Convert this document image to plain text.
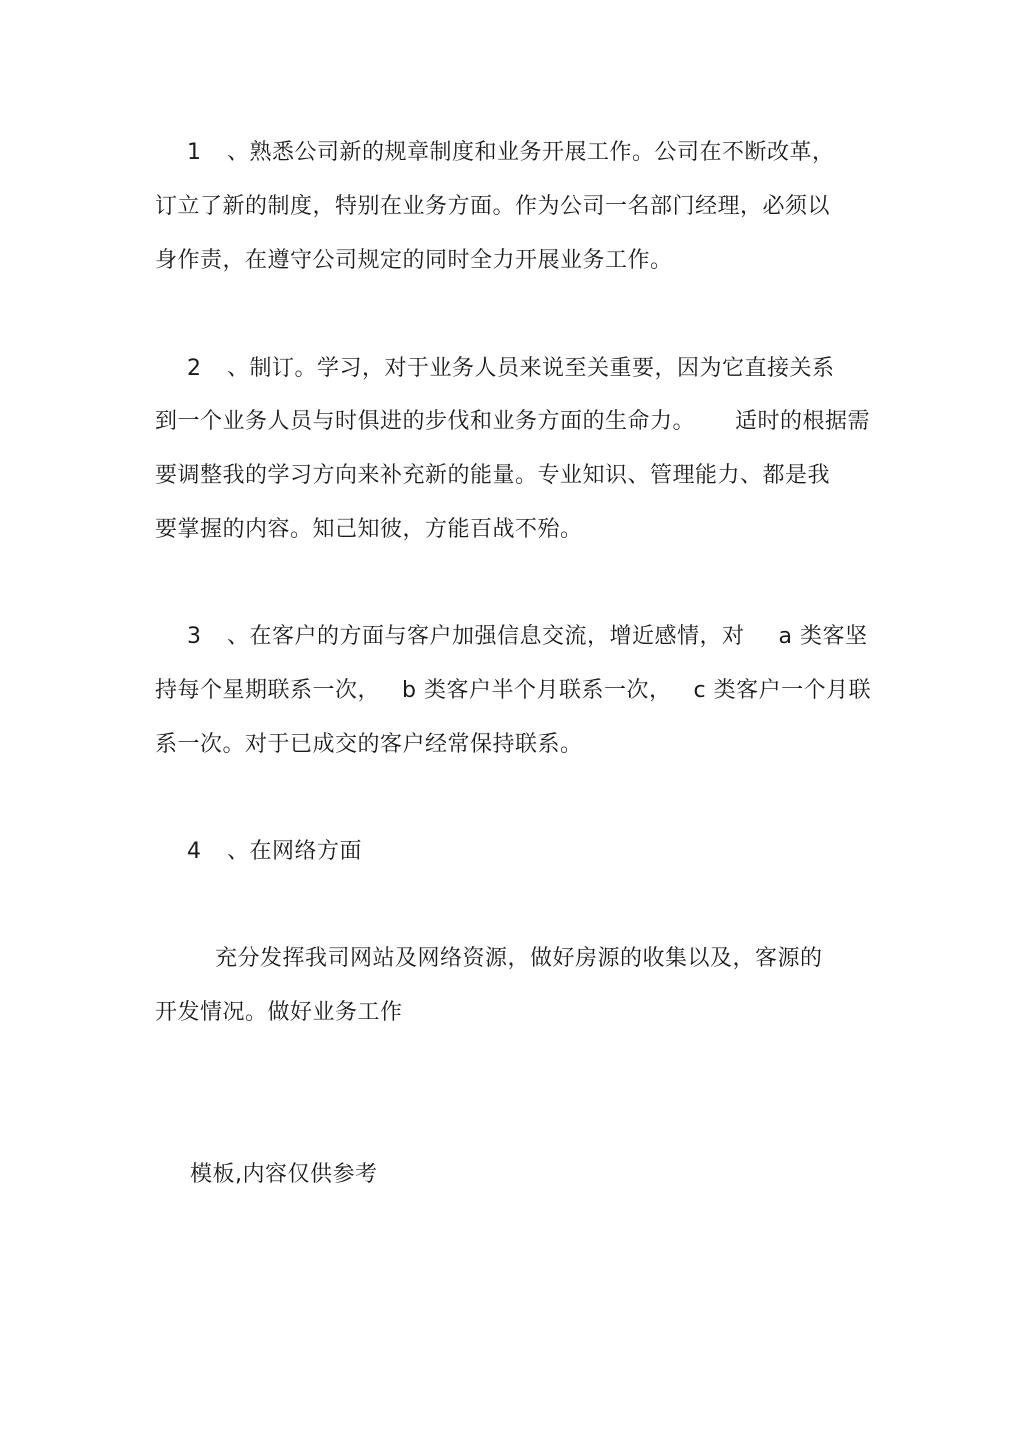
1 、熟悉公司新的规章制度和业务开展工作。公司在不断改革，
订立了新的制度，特别在业务方面。作为公司一名部门经理，必须以
身作责，在遵守公司规定的同时全力开展业务工作。
2 、制订。学习，对于业务人员来说至关重要，因为它直接关系
到一个业务人员与时俱进的步伐和业务方面的生命力。 适时的根据需
要调整我的学习方向来补充新的能量。专业知识、管理能力、都是我
要掌握的内容。知己知彼，方能百战不殆。
3 、在客户的方面与客户加强信息交流，增近感情，对 a 类客坚
持每个星期联系一次， b 类客户半个月联系一次， c 类客户一个月联
系一次。对于已成交的客户经常保持联系。
4 、在网络方面
充分发挥我司网站及网络资源，做好房源的收集以及，客源的
开发情况。做好业务工作
模板,内容仅供参考
